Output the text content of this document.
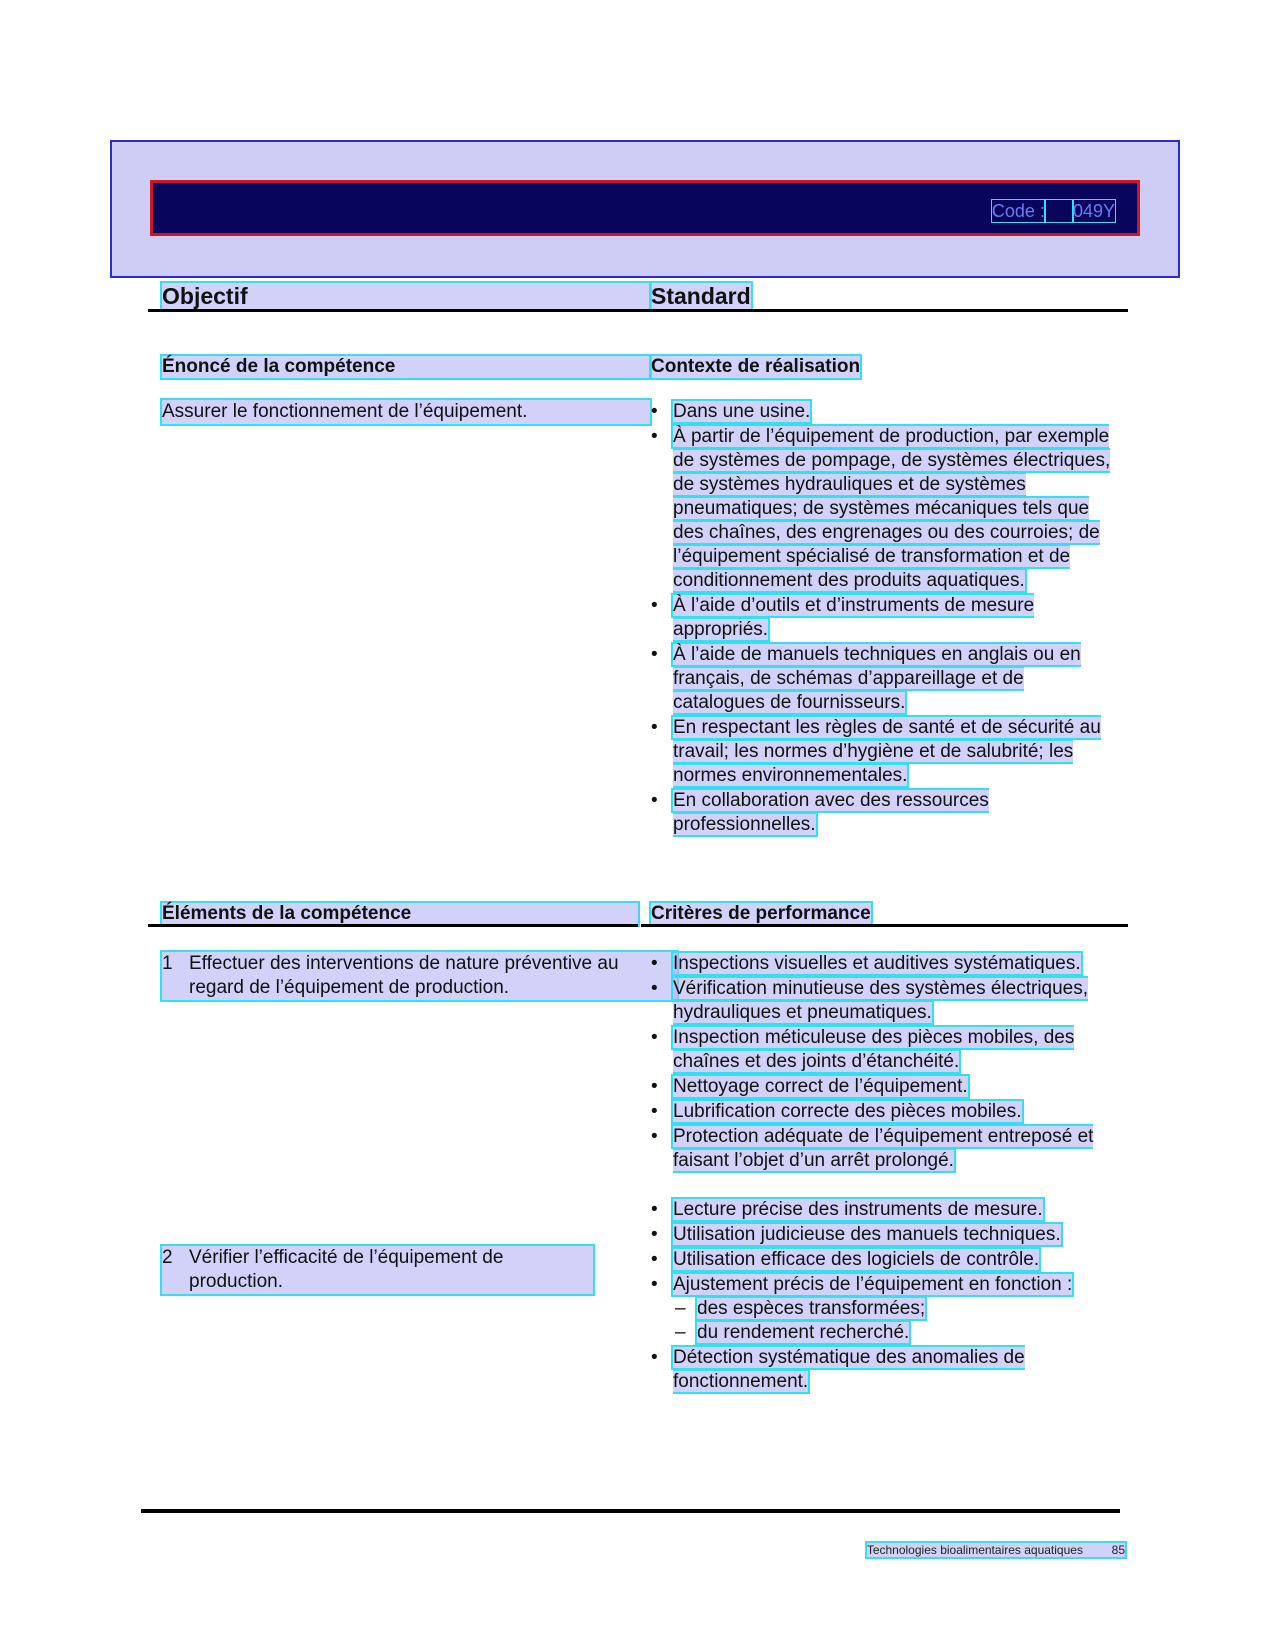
Code : 049Y
Objectif	Standard
Énoncé de la compétence	Contexte de réalisation
Assurer le fonctionnement de l’équipement.
•	Dans une usine.
• À partir de l’équipement de production, par exemple de systèmes de pompage, de systèmes électriques, de systèmes hydrauliques et de systèmes pneumatiques; de systèmes mécaniques tels que des chaînes, des engrenages ou des courroies; de l’équipement spécialisé de transformation et de conditionnement des produits aquatiques.
• À l’aide d’outils et d’instruments de mesure appropriés.
• À l’aide de manuels techniques en anglais ou en français, de schémas d’appareillage et de catalogues de fournisseurs.
• En respectant les règles de santé et de sécurité au travail; les normes d’hygiène et de salubrité; les normes environnementales.
• En collaboration avec des ressources professionnelles.
Éléments de la compétence	Critères de performance
1 Effectuer des interventions de nature préventive au regard de l’équipement de production.
• Inspections visuelles et auditives systématiques.
• Vérification minutieuse des systèmes électriques, hydrauliques et pneumatiques.
• Inspection méticuleuse des pièces mobiles, des chaînes et des joints d’étanchéité.
• Nettoyage correct de l’équipement.
• Lubrification correcte des pièces mobiles.
• Protection adéquate de l’équipement entreposé et faisant l’objet d’un arrêt prolongé.
2 Vérifier l’efficacité de l’équipement de production.
• Lecture précise des instruments de mesure.
• Utilisation judicieuse des manuels techniques.
• Utilisation efficace des logiciels de contrôle.
• Ajustement précis de l’équipement en fonction :
– des espèces transformées;
– du rendement recherché.
• Détection systématique des anomalies de fonctionnement.
Technologies bioalimentaires aquatiques 85
